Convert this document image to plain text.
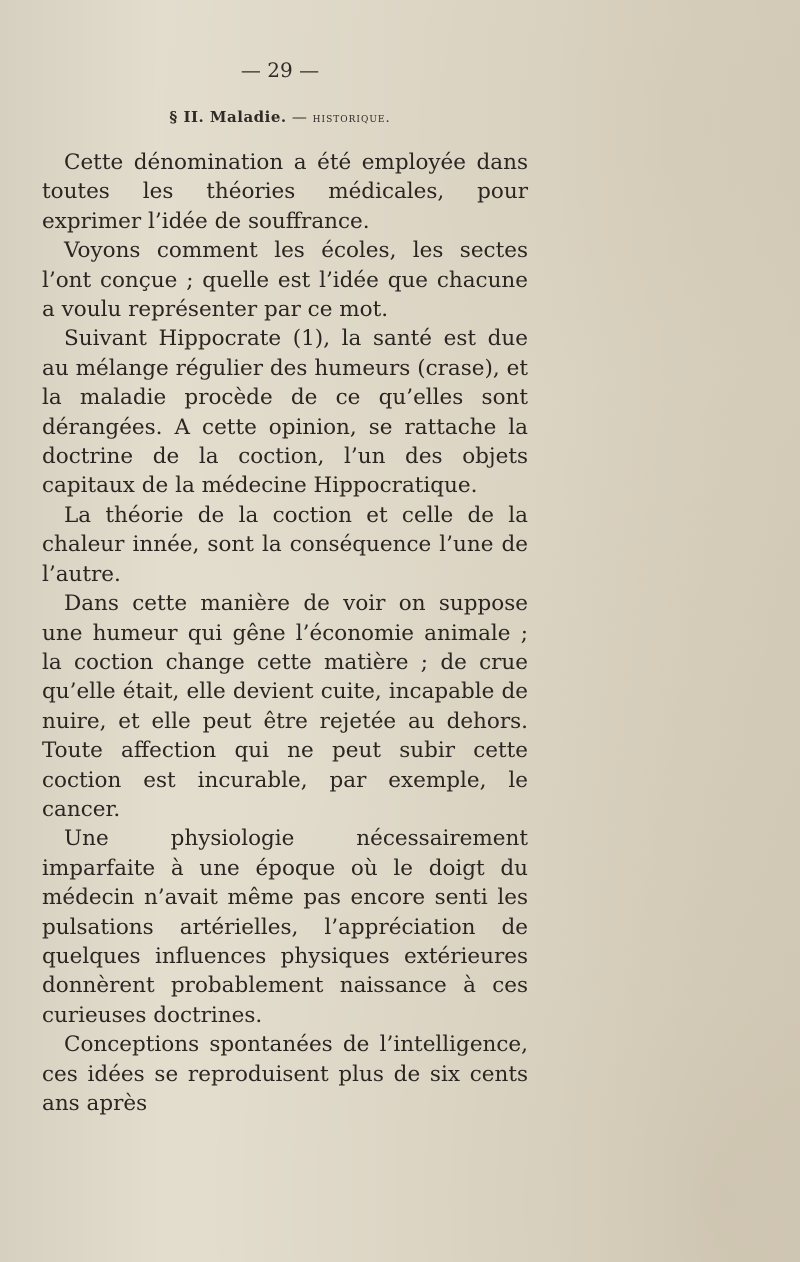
— 29 —
§ II. Maladie. — historique.

Cette dénomination a été employée dans toutes les théories médicales, pour exprimer l’idée de souffrance.

Voyons comment les écoles, les sectes l’ont conçue ; quelle est l’idée que chacune a voulu représenter par ce mot.

Suivant Hippocrate (1), la santé est due au mélange régulier des humeurs (crase), et la maladie procède de ce qu’elles sont dérangées. A cette opinion, se rattache la doctrine de la coction, l’un des objets capitaux de la médecine Hippocratique.

La théorie de la coction et celle de la chaleur innée, sont la conséquence l’une de l’autre.

Dans cette manière de voir on suppose une humeur qui gêne l’économie animale ; la coction change cette matière ; de crue qu’elle était, elle devient cuite, incapable de nuire, et elle peut être rejetée au dehors. Toute affection qui ne peut subir cette coction est incurable, par exemple, le cancer.

Une physiologie nécessairement imparfaite à une époque où le doigt du médecin n’avait même pas encore senti les pulsations artérielles, l’appréciation de quelques influences physiques extérieures donnèrent probablement naissance à ces curieuses doctrines.

Conceptions spontanées de l’intelligence, ces idées se reproduisent plus de six cents ans après
